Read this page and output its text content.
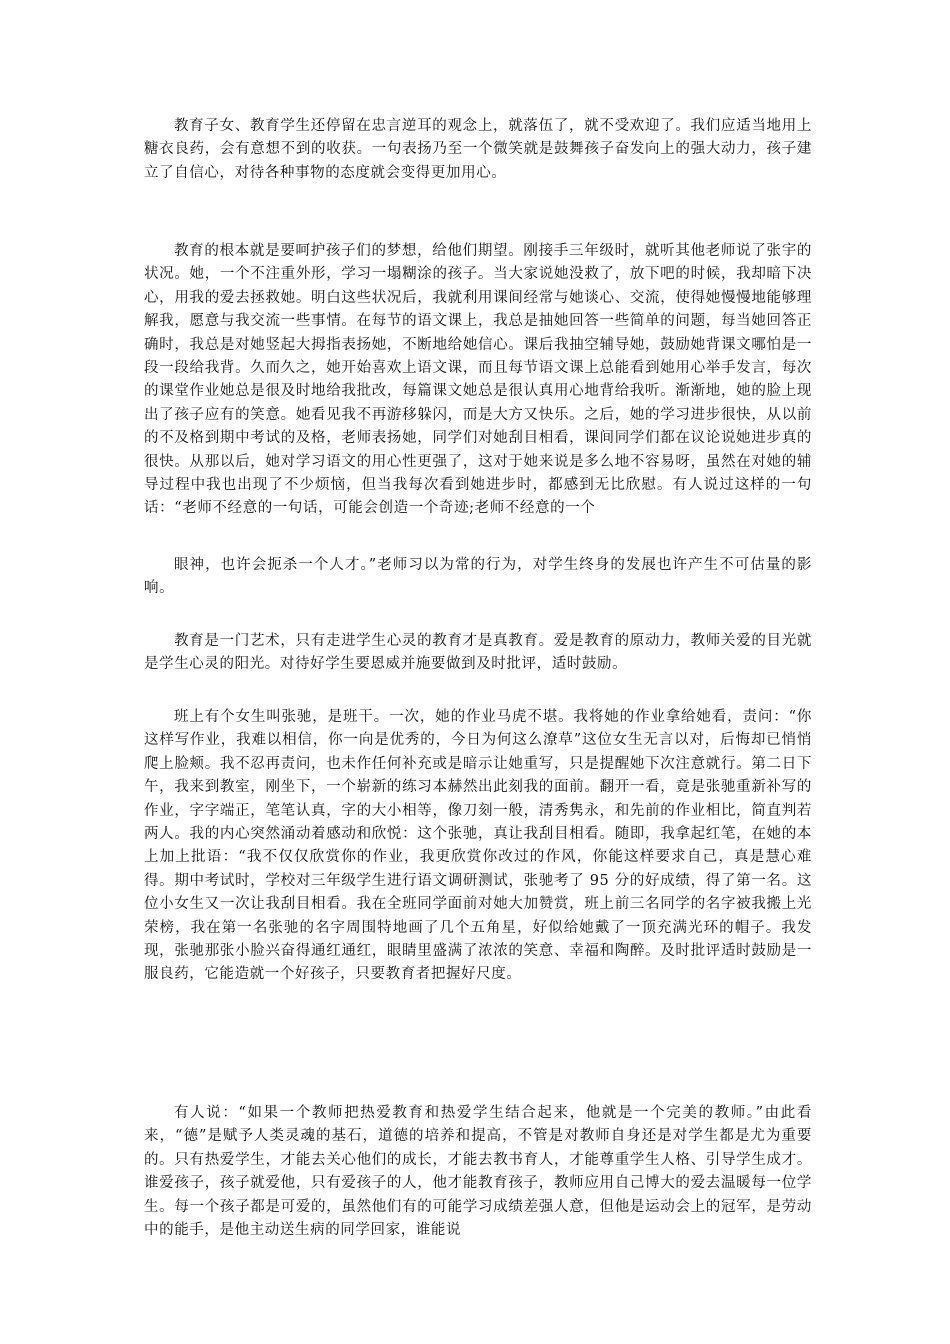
教育子女、教育学生还停留在忠言逆耳的观念上，就落伍了，就不受欢迎了。我们应适当地用上糖衣良药，会有意想不到的收获。一句表扬乃至一个微笑就是鼓舞孩子奋发向上的强大动力，孩子建立了自信心，对待各种事物的态度就会变得更加用心。

教育的根本就是要呵护孩子们的梦想，给他们期望。刚接手三年级时，就听其他老师说了张宇的状况。她，一个不注重外形，学习一塌糊涂的孩子。当大家说她没救了，放下吧的时候，我却暗下决心，用我的爱去拯救她。明白这些状况后，我就利用课间经常与她谈心、交流，使得她慢慢地能够理解我，愿意与我交流一些事情。在每节的语文课上，我总是抽她回答一些简单的问题，每当她回答正确时，我总是对她竖起大拇指表扬她，不断地给她信心。课后我抽空辅导她，鼓励她背课文哪怕是一段一段给我背。久而久之，她开始喜欢上语文课，而且每节语文课上总能看到她用心举手发言，每次的课堂作业她总是很及时地给我批改，每篇课文她总是很认真用心地背给我听。渐渐地，她的脸上现出了孩子应有的笑意。她看见我不再游移躲闪，而是大方又快乐。之后，她的学习进步很快，从以前的不及格到期中考试的及格，老师表扬她，同学们对她刮目相看，课间同学们都在议论说她进步真的很快。从那以后，她对学习语文的用心性更强了，这对于她来说是多么地不容易呀，虽然在对她的辅导过程中我也出现了不少烦恼，但当我每次看到她进步时，都感到无比欣慰。有人说过这样的一句话：“老师不经意的一句话，可能会创造一个奇迹;老师不经意的一个

眼神，也许会扼杀一个人才。”老师习以为常的行为，对学生终身的发展也许产生不可估量的影响。

教育是一门艺术，只有走进学生心灵的教育才是真教育。爱是教育的原动力，教师关爱的目光就是学生心灵的阳光。对待好学生要恩威并施要做到及时批评，适时鼓励。

班上有个女生叫张驰，是班干。一次，她的作业马虎不堪。我将她的作业拿给她看，责问：“你这样写作业，我难以相信，你一向是优秀的，今日为何这么潦草”这位女生无言以对，后悔却已悄悄爬上脸颊。我不忍再责问，也未作任何补充或是暗示让她重写，只是提醒她下次注意就行。第二日下午，我来到教室，刚坐下，一个崭新的练习本赫然出此刻我的面前。翻开一看，竟是张驰重新补写的作业，字字端正，笔笔认真，字的大小相等，像刀刻一般，清秀隽永，和先前的作业相比，简直判若两人。我的内心突然涌动着感动和欣悦：这个张驰，真让我刮目相看。随即，我拿起红笔，在她的本上加上批语：“我不仅仅欣赏你的作业，我更欣赏你改过的作风，你能这样要求自己，真是慧心难得。期中考试时，学校对三年级学生进行语文调研测试，张驰考了 95 分的好成绩，得了第一名。这位小女生又一次让我刮目相看。我在全班同学面前对她大加赞赏，班上前三名同学的名字被我搬上光荣榜，我在第一名张驰的名字周围特地画了几个五角星，好似给她戴了一顶充满光环的帽子。我发现，张驰那张小脸兴奋得通红通红，眼睛里盛满了浓浓的笑意、幸福和陶醉。及时批评适时鼓励是一服良药，它能造就一个好孩子，只要教育者把握好尺度。

有人说：“如果一个教师把热爱教育和热爱学生结合起来，他就是一个完美的教师。”由此看来，“德”是赋予人类灵魂的基石，道德的培养和提高，不管是对教师自身还是对学生都是尤为重要的。只有热爱学生，才能去关心他们的成长，才能去教书育人，才能尊重学生人格、引导学生成才。谁爱孩子，孩子就爱他，只有爱孩子的人，他才能教育孩子，教师应用自己博大的爱去温暖每一位学生。每一个孩子都是可爱的，虽然他们有的可能学习成绩差强人意，但他是运动会上的冠军，是劳动中的能手，是他主动送生病的同学回家，谁能说
